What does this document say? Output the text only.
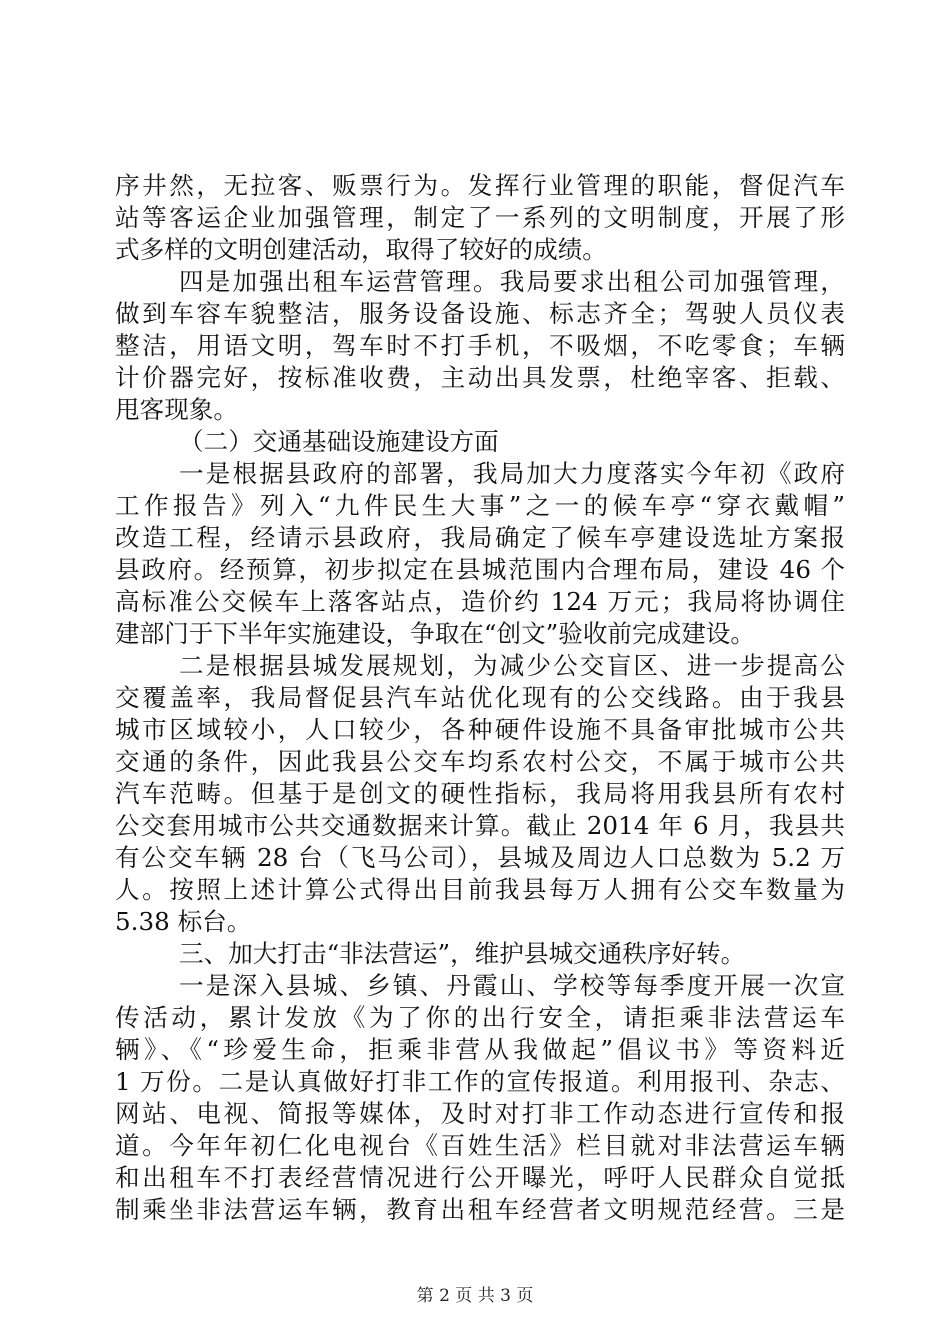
序井然，无拉客、贩票行为。发挥行业管理的职能，督促汽车
站等客运企业加强管理，制定了一系列的文明制度，开展了形
式多样的文明创建活动，取得了较好的成绩。
四是加强出租车运营管理。我局要求出租公司加强管理，
做到车容车貌整洁，服务设备设施、标志齐全；驾驶人员仪表
整洁，用语文明，驾车时不打手机，不吸烟，不吃零食；车辆
计价器完好，按标准收费，主动出具发票，杜绝宰客、拒载、
甩客现象。
（二）交通基础设施建设方面
一是根据县政府的部署，我局加大力度落实今年初《政府
工作报告》列入“九件民生大事”之一的候车亭“穿衣戴帽”
改造工程，经请示县政府，我局确定了候车亭建设选址方案报
县政府。经预算，初步拟定在县城范围内合理布局，建设 46 个
高标准公交候车上落客站点，造价约 124 万元；我局将协调住
建部门于下半年实施建设，争取在“创文”验收前完成建设。
二是根据县城发展规划，为减少公交盲区、进一步提高公
交覆盖率，我局督促县汽车站优化现有的公交线路。由于我县
城市区域较小，人口较少，各种硬件设施不具备审批城市公共
交通的条件，因此我县公交车均系农村公交，不属于城市公共
汽车范畴。但基于是创文的硬性指标，我局将用我县所有农村
公交套用城市公共交通数据来计算。截止 2014 年 6 月，我县共
有公交车辆 28 台（飞马公司），县城及周边人口总数为 5.2 万
人。按照上述计算公式得出目前我县每万人拥有公交车数量为
5.38 标台。
三、加大打击“非法营运”，维护县城交通秩序好转。
一是深入县城、乡镇、丹霞山、学校等每季度开展一次宣
传活动，累计发放《为了你的出行安全，请拒乘非法营运车
辆》、《“珍爱生命，拒乘非营从我做起”倡议书》等资料近
1 万份。二是认真做好打非工作的宣传报道。利用报刊、杂志、
网站、电视、简报等媒体，及时对打非工作动态进行宣传和报
道。今年年初仁化电视台《百姓生活》栏目就对非法营运车辆
和出租车不打表经营情况进行公开曝光，呼吁人民群众自觉抵
制乘坐非法营运车辆，教育出租车经营者文明规范经营。三是
第 2 页 共 3 页
